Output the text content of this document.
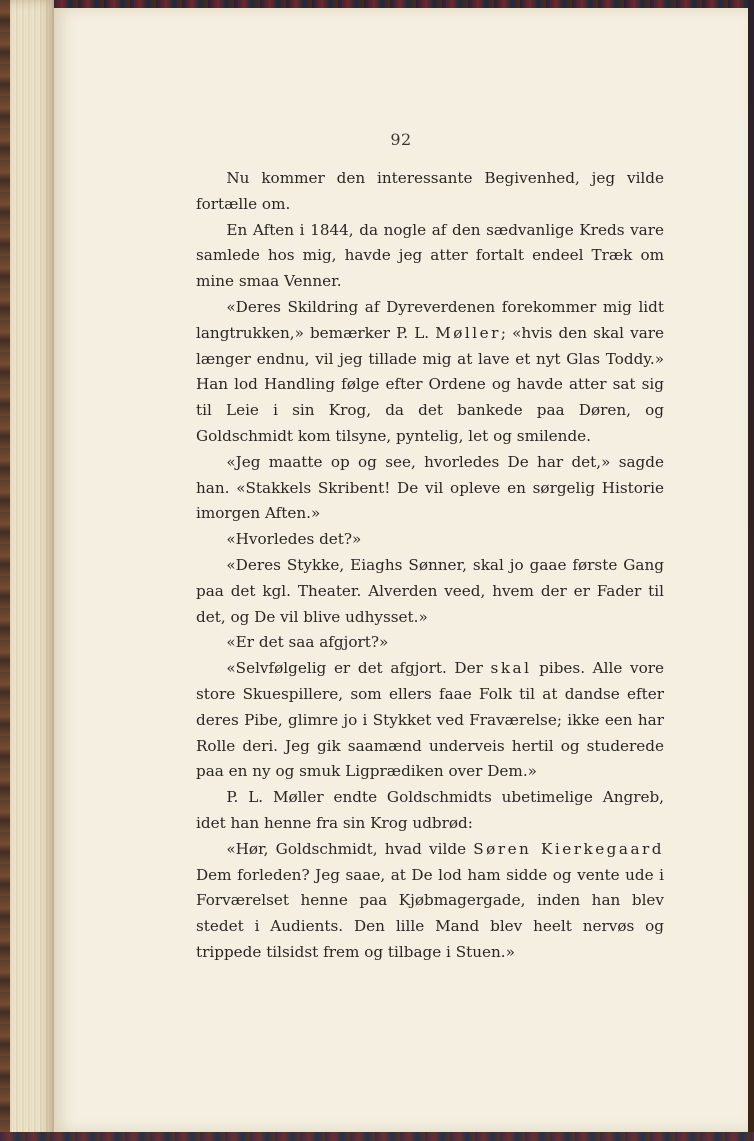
92

Nu kommer den interessante Begivenhed, jeg vilde fortælle om.

En Aften i 1844, da nogle af den sædvanlige Kreds vare samlede hos mig, havde jeg atter fortalt endeel Træk om mine smaa Venner.

«Deres Skildring af Dyreverdenen forekommer mig lidt langtrukken,» bemærker P. L. Møller; «hvis den skal vare længer endnu, vil jeg tillade mig at lave et nyt Glas Toddy.» Han lod Handling følge efter Ordene og havde atter sat sig til Leie i sin Krog, da det bankede paa Døren, og Goldschmidt kom tilsyne, pyntelig, let og smilende.

«Jeg maatte op og see, hvorledes De har det,» sagde han. «Stakkels Skribent! De vil opleve en sørgelig Historie imorgen Aften.»

«Hvorledes det?»

«Deres Stykke, Eiaghs Sønner, skal jo gaae første Gang paa det kgl. Theater. Alverden veed, hvem der er Fader til det, og De vil blive udhysset.»

«Er det saa afgjort?»

«Selvfølgelig er det afgjort. Der skal pibes. Alle vore store Skuespillere, som ellers faae Folk til at dandse efter deres Pibe, glimre jo i Stykket ved Fraværelse; ikke een har Rolle deri. Jeg gik saamænd underveis hertil og studerede paa en ny og smuk Ligprædiken over Dem.»

P. L. Møller endte Goldschmidts ubetimelige Angreb, idet han henne fra sin Krog udbrød:

«Hør, Goldschmidt, hvad vilde Søren Kierkegaard Dem forleden? Jeg saae, at De lod ham sidde og vente ude i Forværelset henne paa Kjøbmagergade, inden han blev stedet i Audients. Den lille Mand blev heelt nervøs og trippede tilsidst frem og tilbage i Stuen.»
